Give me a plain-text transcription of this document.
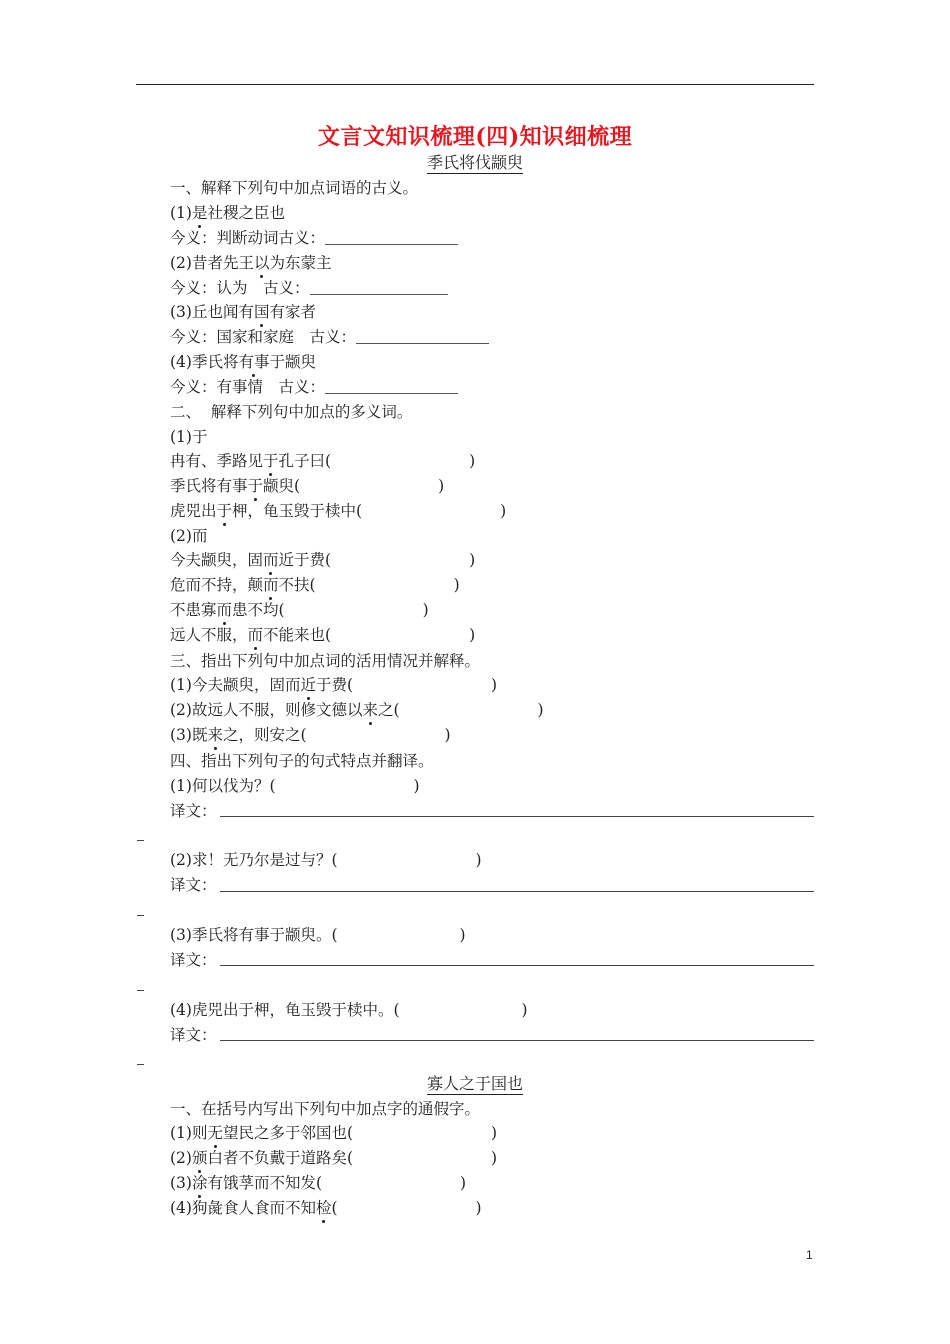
文言文知识梳理(四)知识细梳理
季氏将伐颛臾
一、解释下列句中加点词语的古义。
(1)是社稷之臣也
今义：判断动词古义：
(2)昔者先王以为东蒙主
今义：认为　古义：
(3)丘也闻有国有家者
今义：国家和家庭　古义：
(4)季氏将有事于颛臾
今义：有事情　古义：
二、  解释下列句中加点的多义词。
(1)于
冉有、季路见于孔子曰(	)
季氏将有事于颛臾(	)
虎兕出于柙，龟玉毁于椟中(	)
(2)而
今夫颛臾，固而近于费(	)
危而不持，颠而不扶(	)
不患寡而患不均(	)
远人不服，而不能来也(	)
三、指出下列句中加点词的活用情况并解释。
(1)今夫颛臾，固而近于费(	)
(2)故远人不服，则修文德以来之(	)
(3)既来之，则安之(	)
四、指出下列句子的句式特点并翻译。
(1)何以伐为？(	)
译文：
(2)求！无乃尔是过与？(	)
译文：
(3)季氏将有事于颛臾。(	)
译文：
(4)虎兕出于柙，龟玉毁于椟中。(	)
译文：
寡人之于国也
一、在括号内写出下列句中加点字的通假字。
(1)则无望民之多于邻国也(	)
(2)颁白者不负戴于道路矣(	)
(3)涂有饿莩而不知发(	)
(4)狗彘食人食而不知检(	)
1
